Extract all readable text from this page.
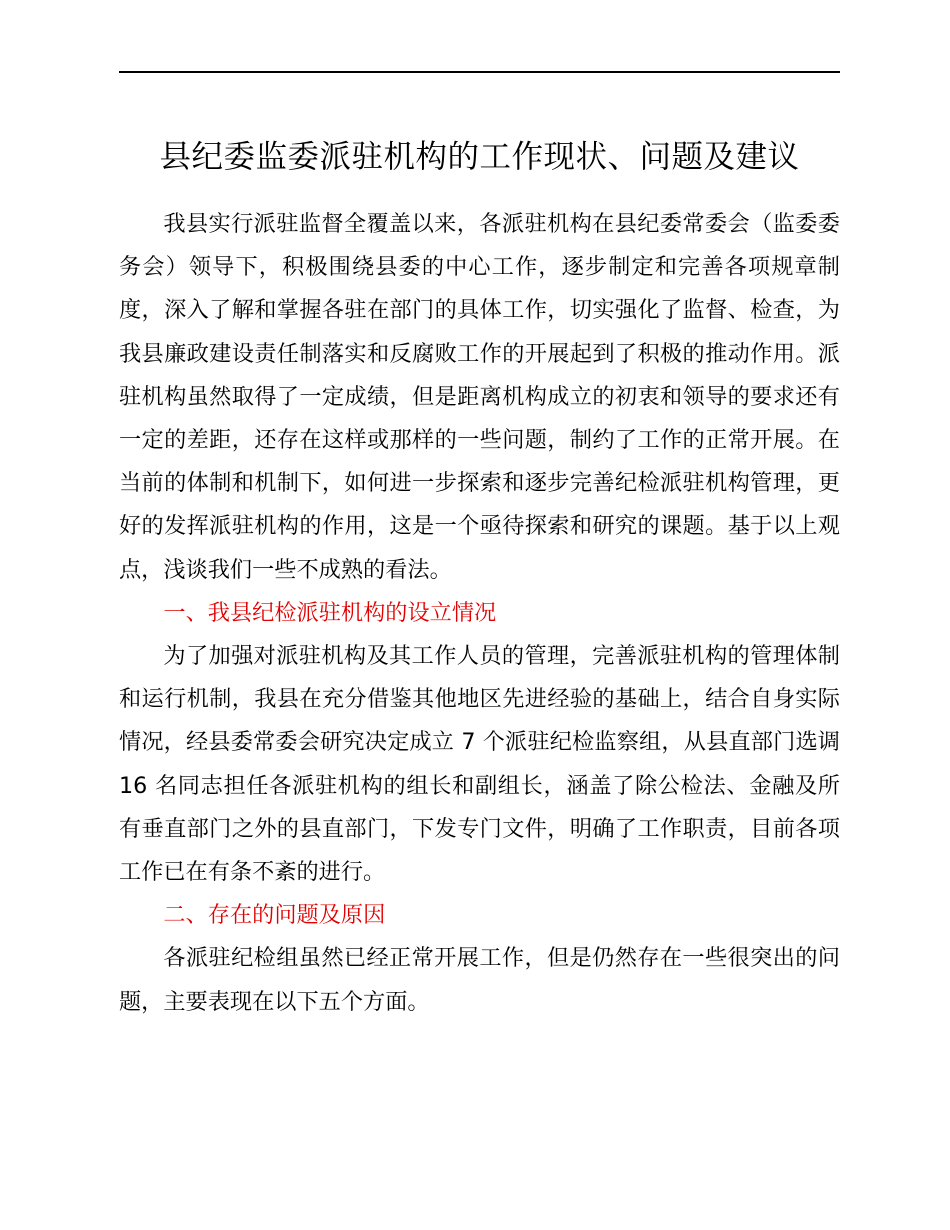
县纪委监委派驻机构的工作现状、问题及建议

我县实行派驻监督全覆盖以来，各派驻机构在县纪委常委会（监委委务会）领导下，积极围绕县委的中心工作，逐步制定和完善各项规章制度，深入了解和掌握各驻在部门的具体工作，切实强化了监督、检查，为我县廉政建设责任制落实和反腐败工作的开展起到了积极的推动作用。派驻机构虽然取得了一定成绩，但是距离机构成立的初衷和领导的要求还有一定的差距，还存在这样或那样的一些问题，制约了工作的正常开展。在当前的体制和机制下，如何进一步探索和逐步完善纪检派驻机构管理，更好的发挥派驻机构的作用，这是一个亟待探索和研究的课题。基于以上观点，浅谈我们一些不成熟的看法。

一、我县纪检派驻机构的设立情况

为了加强对派驻机构及其工作人员的管理，完善派驻机构的管理体制和运行机制，我县在充分借鉴其他地区先进经验的基础上，结合自身实际情况，经县委常委会研究决定成立 7 个派驻纪检监察组，从县直部门选调 16 名同志担任各派驻机构的组长和副组长，涵盖了除公检法、金融及所有垂直部门之外的县直部门，下发专门文件，明确了工作职责，目前各项工作已在有条不紊的进行。

二、存在的问题及原因

各派驻纪检组虽然已经正常开展工作，但是仍然存在一些很突出的问题，主要表现在以下五个方面。
